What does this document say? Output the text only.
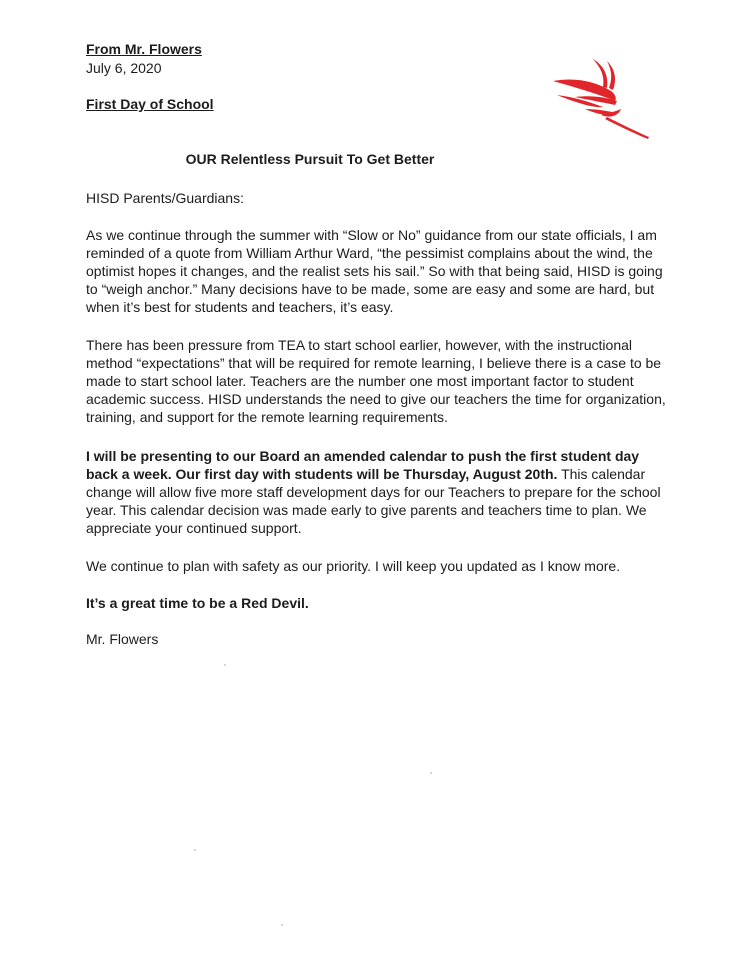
From Mr. Flowers
July 6, 2020
First Day of School
OUR Relentless Pursuit To Get Better
HISD Parents/Guardians:
As we continue through the summer with “Slow or No” guidance from our state officials, I am reminded of a quote from William Arthur Ward, “the pessimist complains about the wind, the optimist hopes it changes, and the realist sets his sail.” So with that being said, HISD is going to “weigh anchor.” Many decisions have to be made, some are easy and some are hard, but when it’s best for students and teachers, it’s easy.
There has been pressure from TEA to start school earlier, however, with the instructional method “expectations” that will be required for remote learning, I believe there is a case to be made to start school later. Teachers are the number one most important factor to student academic success. HISD understands the need to give our teachers the time for organization, training, and support for the remote learning requirements.
I will be presenting to our Board an amended calendar to push the first student day back a week. Our first day with students will be Thursday, August 20th. This calendar change will allow five more staff development days for our Teachers to prepare for the school year. This calendar decision was made early to give parents and teachers time to plan. We appreciate your continued support.
We continue to plan with safety as our priority. I will keep you updated as I know more.
It’s a great time to be a Red Devil.
Mr. Flowers
